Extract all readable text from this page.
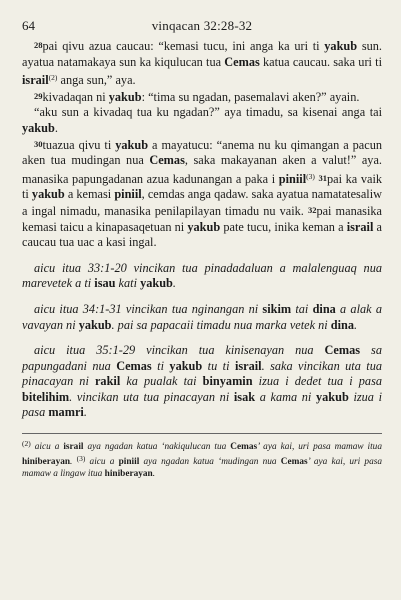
64	vinqacan 32:28-32

28pai qivu azua caucau: “kemasi tucu, ini anga ka uri ti yakub sun. ayatua natamakaya sun ka kiqulucan tua Cemas katua caucau. saka uri ti israil$^{(2)}$ anga sun,” aya.

29kivadaqan ni yakub: “tima su ngadan, pasemalavi aken?” ayain.

“aku sun a kivadaq tua ku ngadan?” aya timadu, sa kisenai anga tai yakub.

30tuazua qivu ti yakub a mayatucu: “anema nu ku qimangan a pacun aken tua mudingan nua Cemas, saka makayanan aken a valut!” aya. manasika papungadanan azua kadunangan a paka i piniil$^{(3)}$ 31pai ka vaik ti yakub a kemasi piniil, cemdas anga qadaw. saka ayatua namatatesaliw a ingal nimadu, manasika penilapilayan timadu nu vaik. 32pai manasika kemasi taicu a kinapasaqetuan ni yakub pate tucu, inika keman a israil a caucau tua uac a kasi ingal.

aicu itua 33:1-20 vincikan tua pinadadaluan a malalenguaq nua marevetek a ti isau kati yakub.

aicu itua 34:1-31 vincikan tua nginangan ni sikim tai dina a alak a vavayan ni yakub. pai sa papacaii timadu nua marka vetek ni dina.

aicu itua 35:1-29 vincikan tua kinisenayan nua Cemas sa papungadani nua Cemas ti yakub tu ti israil. saka vincikan uta tua pinacayan ni rakil ka pualak tai binyamin izua i dedet tua i pasa bitelihim. vincikan uta tua pinacayan ni isak a kama ni yakub izua i pasa mamri.

$^{(2)}$ aicu a israil aya ngadan katua ‘nakiqulucan tua Cemas’ aya kai, uri pasa mamaw itua hiniberayan. $^{(3)}$ aicu a piniil aya ngadan katua ‘mudingan nua Cemas’ aya kai, uri pasa mamaw a lingaw itua hiniberayan.
